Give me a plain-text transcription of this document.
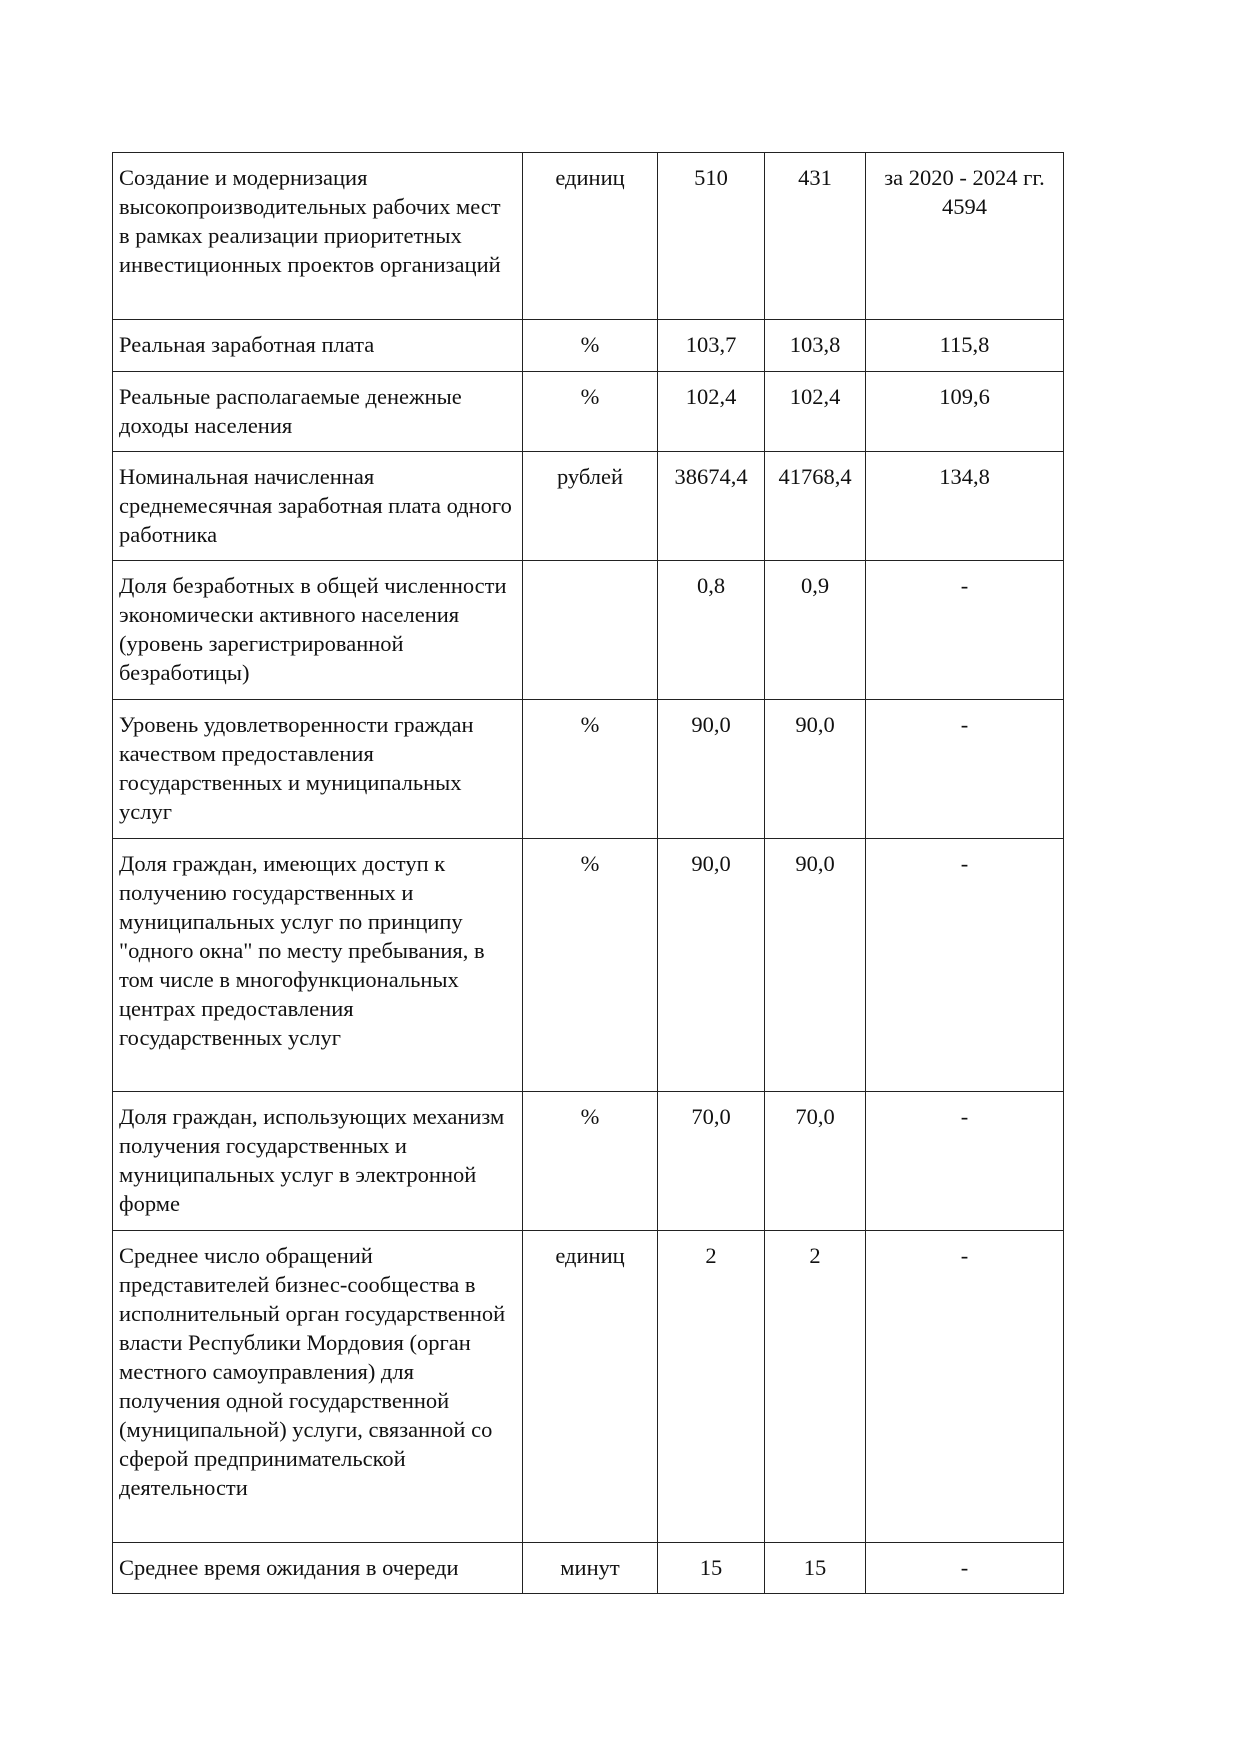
Создание и модернизация высокопроизводительных рабочих мест в рамках реализации приоритетных инвестиционных проектов организаций	единиц	510	431	за 2020 - 2024 гг. 4594
Реальная заработная плата	%	103,7	103,8	115,8
Реальные располагаемые денежные доходы населения	%	102,4	102,4	109,6
Номинальная начисленная среднемесячная заработная плата одного работника	рублей	38674,4	41768,4	134,8
Доля безработных в общей численности экономически активного населения (уровень зарегистрированной безработицы)		0,8	0,9	-
Уровень удовлетворенности граждан качеством предоставления государственных и муниципальных услуг	%	90,0	90,0	-
Доля граждан, имеющих доступ к получению государственных и муниципальных услуг по принципу "одного окна" по месту пребывания, в том числе в многофункциональных центрах предоставления государственных услуг	%	90,0	90,0	-
Доля граждан, использующих механизм получения государственных и муниципальных услуг в электронной форме	%	70,0	70,0	-
Среднее число обращений представителей бизнес-сообщества в исполнительный орган государственной власти Республики Мордовия (орган местного самоуправления) для получения одной государственной (муниципальной) услуги, связанной со сферой предпринимательской деятельности	единиц	2	2	-
Среднее время ожидания в очереди	минут	15	15	-
